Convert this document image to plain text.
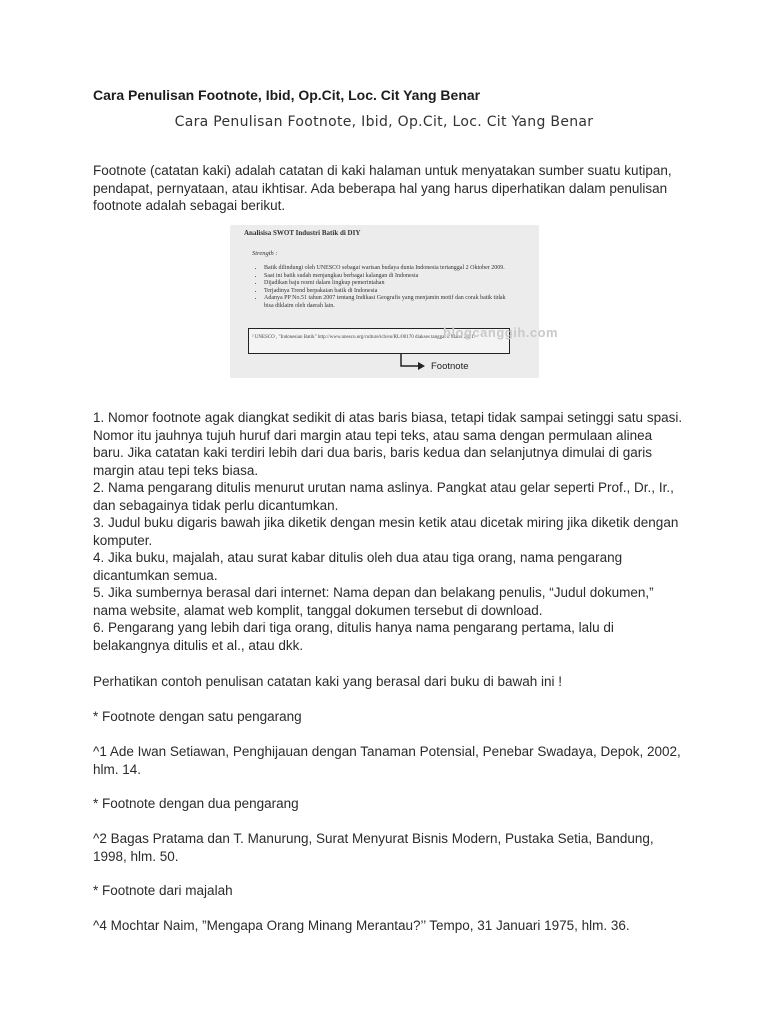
Cara Penulisan Footnote, Ibid, Op.Cit, Loc. Cit Yang Benar
Cara Penulisan Footnote, Ibid, Op.Cit, Loc. Cit Yang Benar

Footnote (catatan kaki) adalah catatan di kaki halaman untuk menyatakan sumber suatu kutipan, pendapat, pernyataan, atau ikhtisar. Ada beberapa hal yang harus diperhatikan dalam penulisan footnote adalah sebagai berikut.

Analisisa SWOT Industri Batik di DIY
Strength :
• Batik dilindungi oleh UNESCO sebagai warisan budaya dunia Indonesia tertanggal 2 Oktober 2009.
• Saat ini batik sudah menjangkau berbagai kalangan di Indonesia
• Dijadikan baju resmi dalam lingkup pemerintahan
• Terjadinya Trend berpakaian batik di Indonesia
• Adanya PP No.51 tahun 2007 tentang Indikasi Geografis yang menjamin motif dan corak batik tidak bisa diklaim oleh daerah lain.
² UNESCO , "Indonesian Batik" http://www.unesco.org/culture/ich/en/RL/00170 diakses tanggal 2 Maret 2011.
blogcanggih.com
Footnote
1. Nomor footnote agak diangkat sedikit di atas baris biasa, tetapi tidak sampai setinggi satu spasi. Nomor itu jauhnya tujuh huruf dari margin atau tepi teks, atau sama dengan permulaan alinea baru. Jika catatan kaki terdiri lebih dari dua baris, baris kedua dan selanjutnya dimulai di garis margin atau tepi teks biasa.
2. Nama pengarang ditulis menurut urutan nama aslinya. Pangkat atau gelar seperti Prof., Dr., Ir., dan sebagainya tidak perlu dicantumkan.
3. Judul buku digaris bawah jika diketik dengan mesin ketik atau dicetak miring jika diketik dengan komputer.
4. Jika buku, majalah, atau surat kabar ditulis oleh dua atau tiga orang, nama pengarang dicantumkan semua.
5. Jika sumbernya berasal dari internet: Nama depan dan belakang penulis, “Judul dokumen,” nama website, alamat web komplit, tanggal dokumen tersebut di download.
6. Pengarang yang lebih dari tiga orang, ditulis hanya nama pengarang pertama, lalu di belakangnya ditulis et al., atau dkk.

Perhatikan contoh penulisan catatan kaki yang berasal dari buku di bawah ini !

* Footnote dengan satu pengarang

^1 Ade Iwan Setiawan, Penghijauan dengan Tanaman Potensial, Penebar Swadaya, Depok, 2002, hlm. 14.

* Footnote dengan dua pengarang

^2 Bagas Pratama dan T. Manurung, Surat Menyurat Bisnis Modern, Pustaka Setia, Bandung, 1998, hlm. 50.

* Footnote dari majalah

^4 Mochtar Naim, ”Mengapa Orang Minang Merantau?’’ Tempo, 31 Januari 1975, hlm. 36.
